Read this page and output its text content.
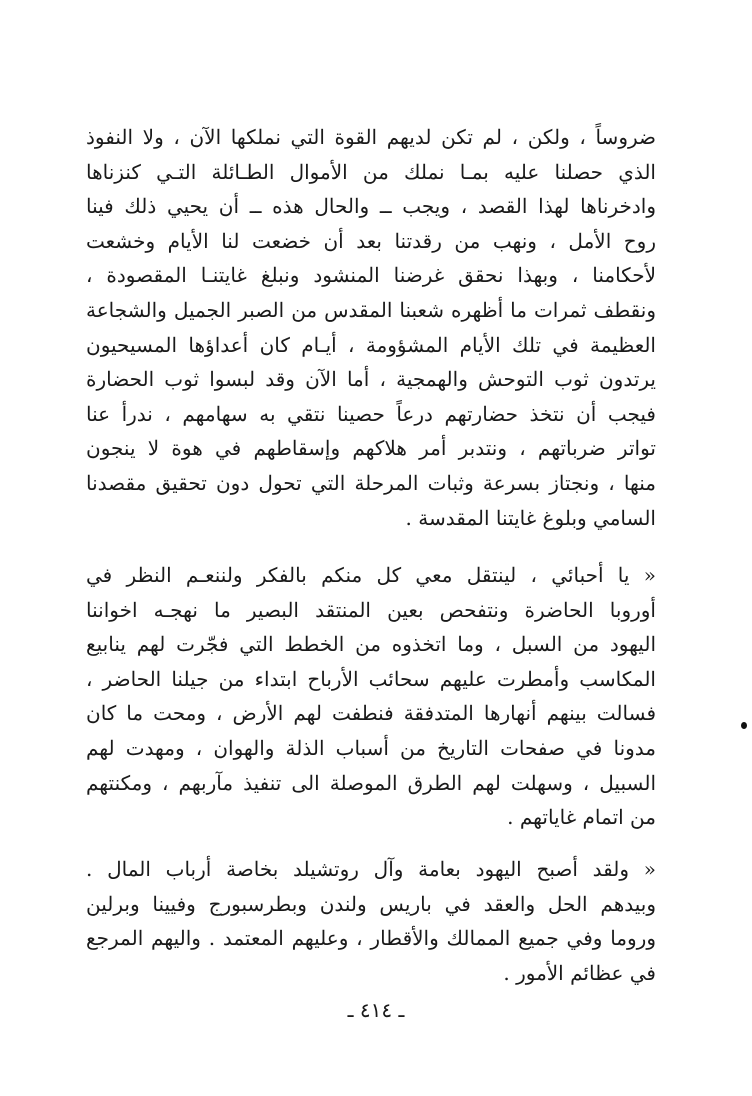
ضروساً ، ولكن ، لم تكن لديهم القوة التي نملكها الآن ، ولا النفوذ
الذي حصلنا عليه بمـا نملك من الأموال الطـائلة التـي كنزناها
وادخرناها لهذا القصد ، ويجب ــ والحال هذه ــ أن يحيي ذلك فينا
روح الأمل ، ونهب من رقدتنا بعد أن خضعت لنا الأيام وخشعت
لأحكامنا ، وبهذا نحقق غرضنا المنشود ونبلغ غايتنـا المقصودة ،
ونقطف ثمرات ما أظهره شعبنا المقدس من الصبر الجميل والشجاعة
العظيمة في تلك الأيام المشؤومة ، أيـام كان أعداؤها المسيحيون
يرتدون ثوب التوحش والهمجية ، أما الآن وقد لبسوا ثوب الحضارة
فيجب أن نتخذ حضارتهم درعاً حصينا نتقي به سهامهم ، ندرأ عنا
تواتر ضرباتهم ، ونتدبر أمر هلاكهم وإسقاطهم في هوة لا ينجون
منها ، ونجتاز بسرعة وثبات المرحلة التي تحول دون تحقيق مقصدنا
السامي وبلوغ غايتنا المقدسة .
« يا أحبائي ، لينتقل معي كل منكم بالفكر ولننعـم النظر في
أوروبا الحاضرة ونتفحص بعين المنتقد البصير ما نهجـه اخواننا
اليهود من السبل ، وما اتخذوه من الخطط التي فجّرت لهم ينابيع
المكاسب وأمطرت عليهم سحائب الأرباح ابتداء من جيلنا الحاضر ،
فسالت بينهم أنهارها المتدفقة فنطفت لهم الأرض ، ومحت ما كان
مدونا في صفحات التاريخ من أسباب الذلة والهوان ، ومهدت لهم
السبيل ، وسهلت لهم الطرق الموصلة الى تنفيذ مآربهم ، ومكنتهم
من اتمام غاياتهم .
« ولقد أصبح اليهود بعامة وآل روتشيلد بخاصة أرباب المال .
وبيدهم الحل والعقد في باريس ولندن وبطرسبورج وفيينا وبرلين
وروما وفي جميع الممالك والأقطار ، وعليهم المعتمد . واليهم المرجع
في عظائم الأمور .
ـ ٤١٤ ـ
